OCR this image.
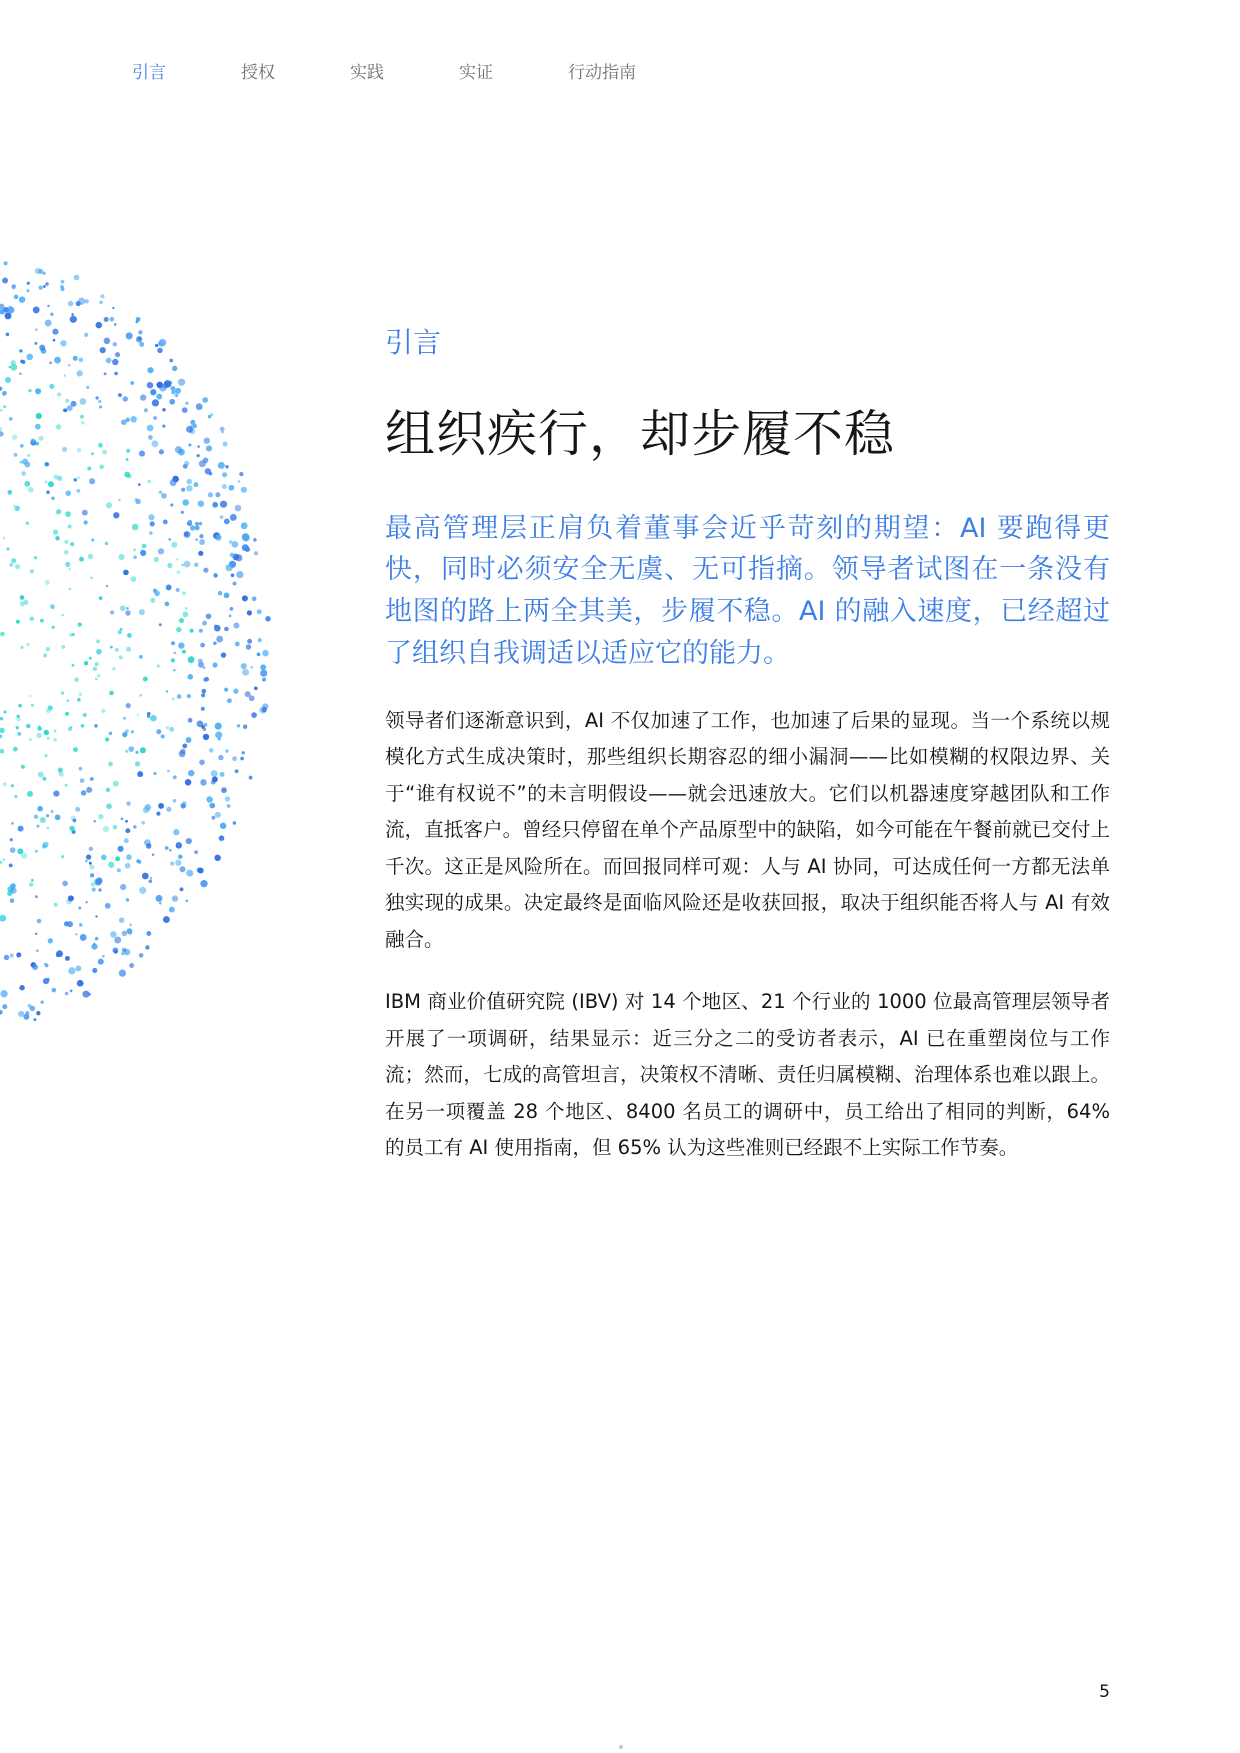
引言	授权	实践	实证	行动指南

引言

组织疾行，却步履不稳

最高管理层正肩负着董事会近乎苛刻的期望：AI 要跑得更快，同时必须安全无虞、无可指摘。领导者试图在一条没有地图的路上两全其美，步履不稳。AI 的融入速度，已经超过了组织自我调适以适应它的能力。

领导者们逐渐意识到，AI 不仅加速了工作，也加速了后果的显现。当一个系统以规模化方式生成决策时，那些组织长期容忍的细小漏洞——比如模糊的权限边界、关于“谁有权说不”的未言明假设——就会迅速放大。它们以机器速度穿越团队和工作流，直抵客户。曾经只停留在单个产品原型中的缺陷，如今可能在午餐前就已交付上千次。这正是风险所在。而回报同样可观：人与 AI 协同，可达成任何一方都无法单独实现的成果。决定最终是面临风险还是收获回报，取决于组织能否将人与 AI 有效融合。

IBM 商业价值研究院 (IBV) 对 14 个地区、21 个行业的 1000 位最高管理层领导者开展了一项调研，结果显示：近三分之二的受访者表示，AI 已在重塑岗位与工作流；然而，七成的高管坦言，决策权不清晰、责任归属模糊、治理体系也难以跟上。在另一项覆盖 28 个地区、8400 名员工的调研中，员工给出了相同的判断，64% 的员工有 AI 使用指南，但 65% 认为这些准则已经跟不上实际工作节奏。

5
